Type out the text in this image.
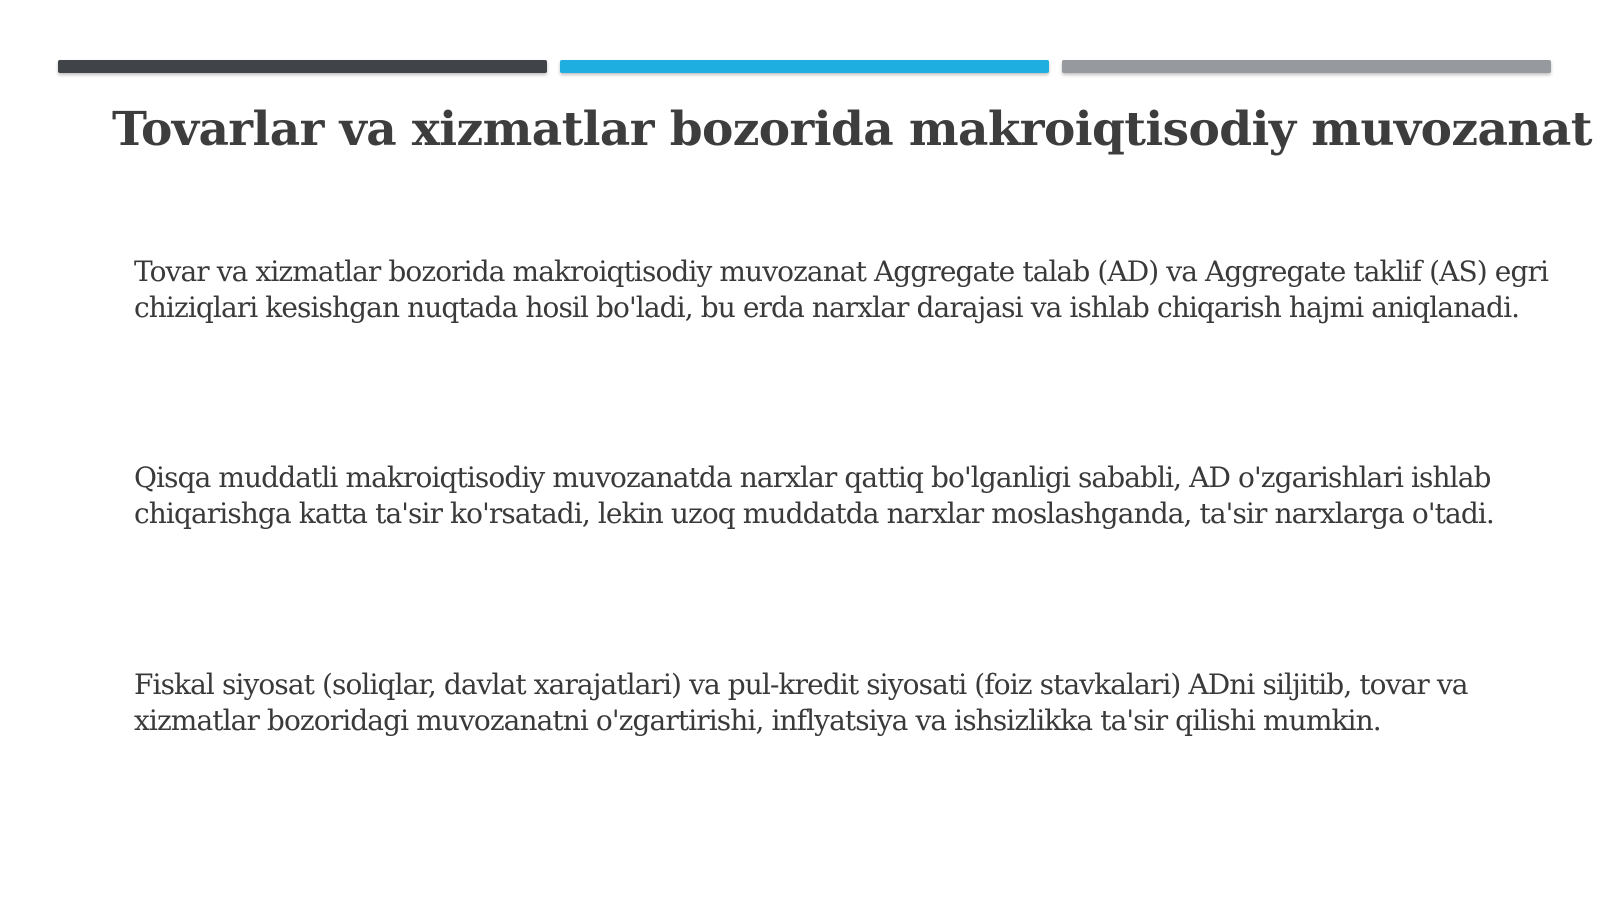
Tovarlar va xizmatlar bozorida makroiqtisodiy muvozanat

Tovar va xizmatlar bozorida makroiqtisodiy muvozanat Aggregate talab (AD) va Aggregate taklif (AS) egri chiziqlari kesishgan nuqtada hosil bo'ladi, bu erda narxlar darajasi va ishlab chiqarish hajmi aniqlanadi.

Qisqa muddatli makroiqtisodiy muvozanatda narxlar qattiq bo'lganligi sababli, AD o'zgarishlari ishlab chiqarishga katta ta'sir ko'rsatadi, lekin uzoq muddatda narxlar moslashganda, ta'sir narxlarga o'tadi.

Fiskal siyosat (soliqlar, davlat xarajatlari) va pul-kredit siyosati (foiz stavkalari) ADni siljitib, tovar va xizmatlar bozoridagi muvozanatni o'zgartirishi, inflyatsiya va ishsizlikka ta'sir qilishi mumkin.
